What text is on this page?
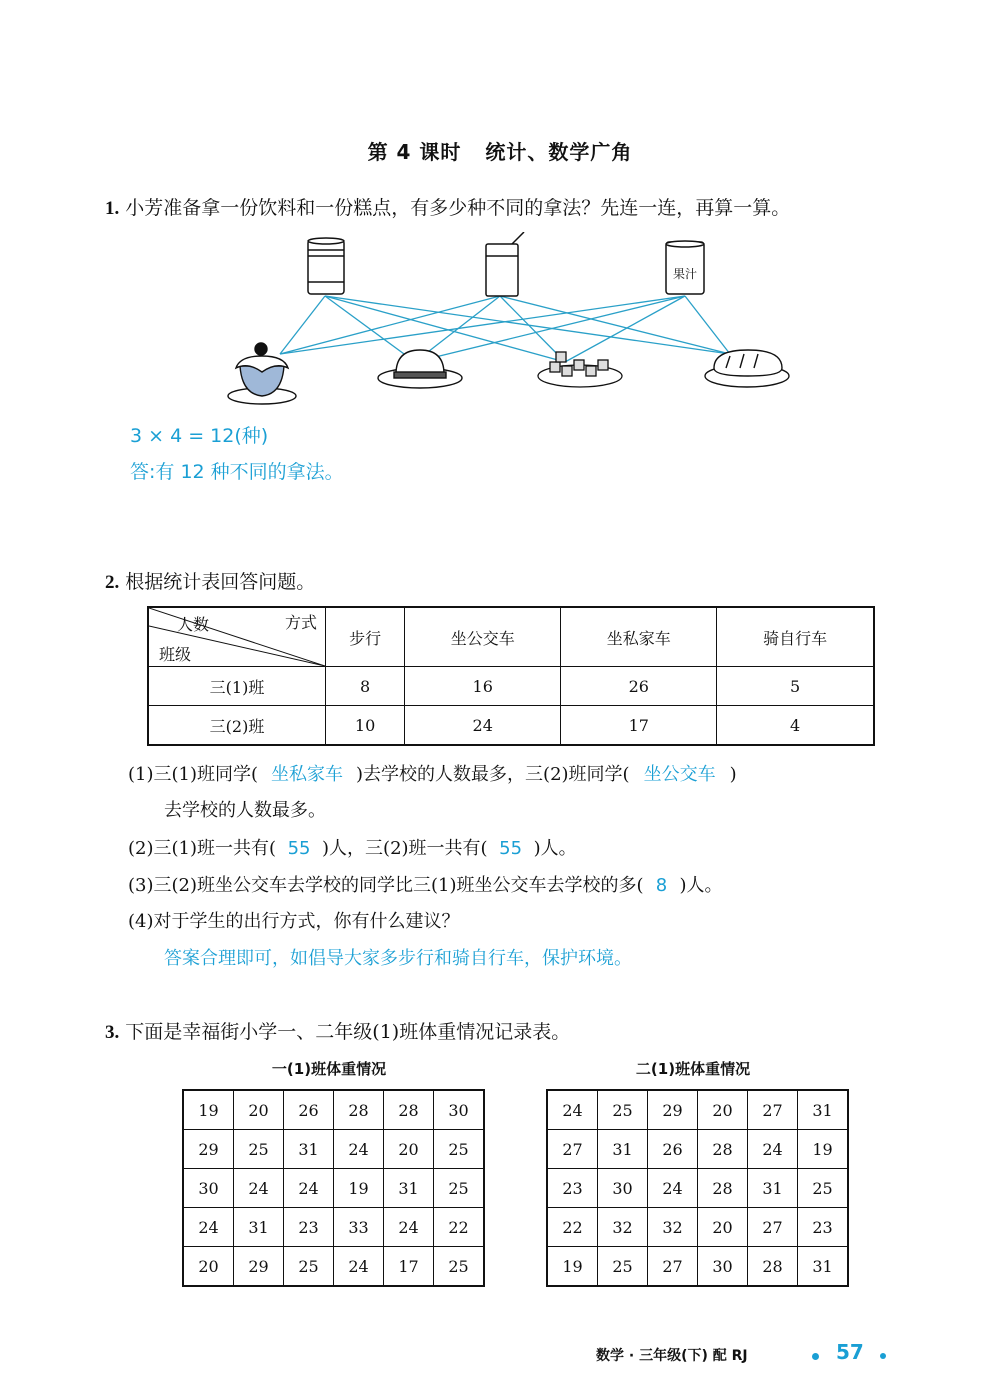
第 4 课时 统计、数学广角
1. 小芳准备拿一份饮料和一份糕点，有多少种不同的拿法？先连一连，再算一算。
果汁
3 × 4 = 12(种)
答:有 12 种不同的拿法。
2. 根据统计表回答问题。
方式
人数
班级	步行	坐公交车	坐私家车	骑自行车
三(1)班	8	16	26	5
三(2)班	10	24	17	4
(1)三(1)班同学( 坐私家车 )去学校的人数最多，三(2)班同学( 坐公交车 )
去学校的人数最多。
(2)三(1)班一共有( 55 )人，三(2)班一共有( 55 )人。
(3)三(2)班坐公交车去学校的同学比三(1)班坐公交车去学校的多( 8 )人。
(4)对于学生的出行方式，你有什么建议？
答案合理即可，如倡导大家多步行和骑自行车，保护环境。
3. 下面是幸福街小学一、二年级(1)班体重情况记录表。
一(1)班体重情况	二(1)班体重情况
19	20	26	28	28	30
29	25	31	24	20	25
30	24	24	19	31	25
24	31	23	33	24	22
20	29	25	24	17	25
24	25	29	20	27	31
27	31	26	28	24	19
23	30	24	28	31	25
22	32	32	20	27	23
19	25	27	30	28	31
数学 · 三年级(下) 配 RJ	57
